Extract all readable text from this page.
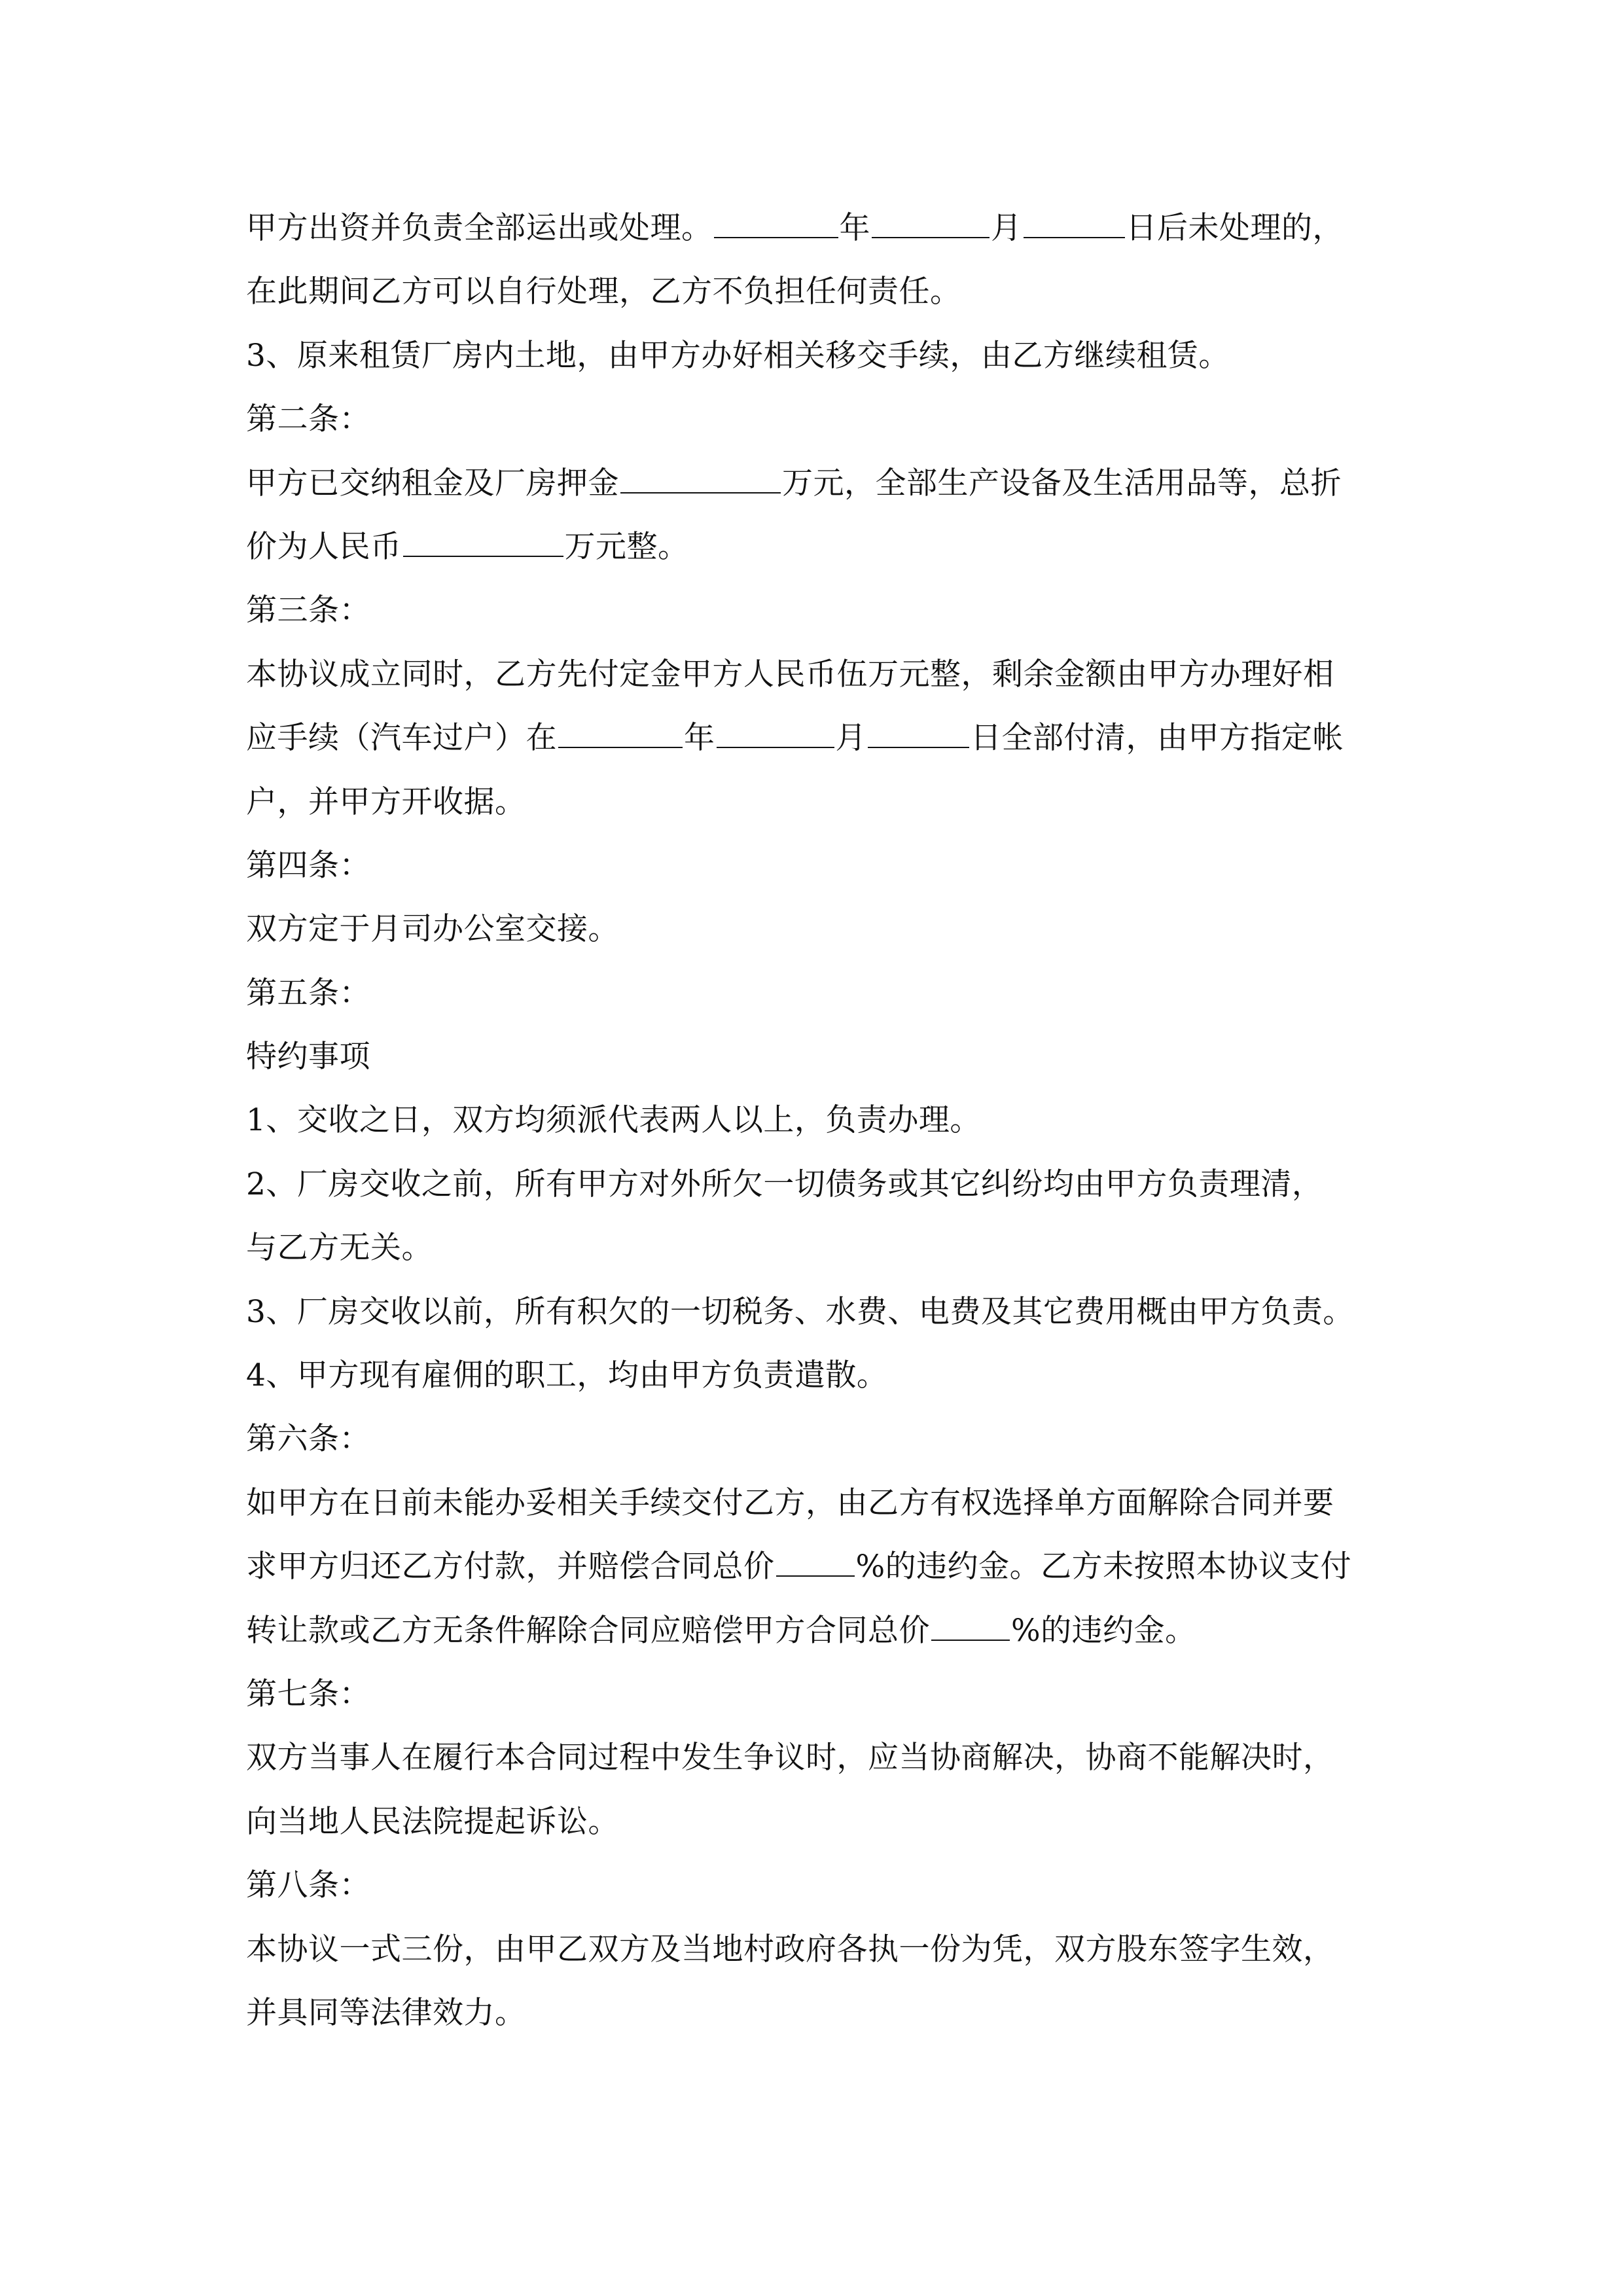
甲方出资并负责全部运出或处理。	年	月	日后未处理的，
在此期间乙方可以自行处理，乙方不负担任何责任。
3、原来租赁厂房内土地，由甲方办好相关移交手续，由乙方继续租赁。
第二条：
甲方已交纳租金及厂房押金	万元，全部生产设备及生活用品等，总折
价为人民币	万元整。
第三条：
本协议成立同时，乙方先付定金甲方人民币伍万元整，剩余金额由甲方办理好相
应手续（汽车过户）在	年	月	日全部付清，由甲方指定帐
户，并甲方开收据。
第四条：
双方定于月司办公室交接。
第五条：
特约事项
1、交收之日，双方均须派代表两人以上，负责办理。
2、厂房交收之前，所有甲方对外所欠一切债务或其它纠纷均由甲方负责理清，
与乙方无关。
3、厂房交收以前，所有积欠的一切税务、水费、电费及其它费用概由甲方负责。
4、甲方现有雇佣的职工，均由甲方负责遣散。
第六条：
如甲方在日前未能办妥相关手续交付乙方，由乙方有权选择单方面解除合同并要
求甲方归还乙方付款，并赔偿合同总价	%的违约金。乙方未按照本协议支付
转让款或乙方无条件解除合同应赔偿甲方合同总价	%的违约金。
第七条：
双方当事人在履行本合同过程中发生争议时，应当协商解决，协商不能解决时，
向当地人民法院提起诉讼。
第八条：
本协议一式三份，由甲乙双方及当地村政府各执一份为凭，双方股东签字生效，
并具同等法律效力。
